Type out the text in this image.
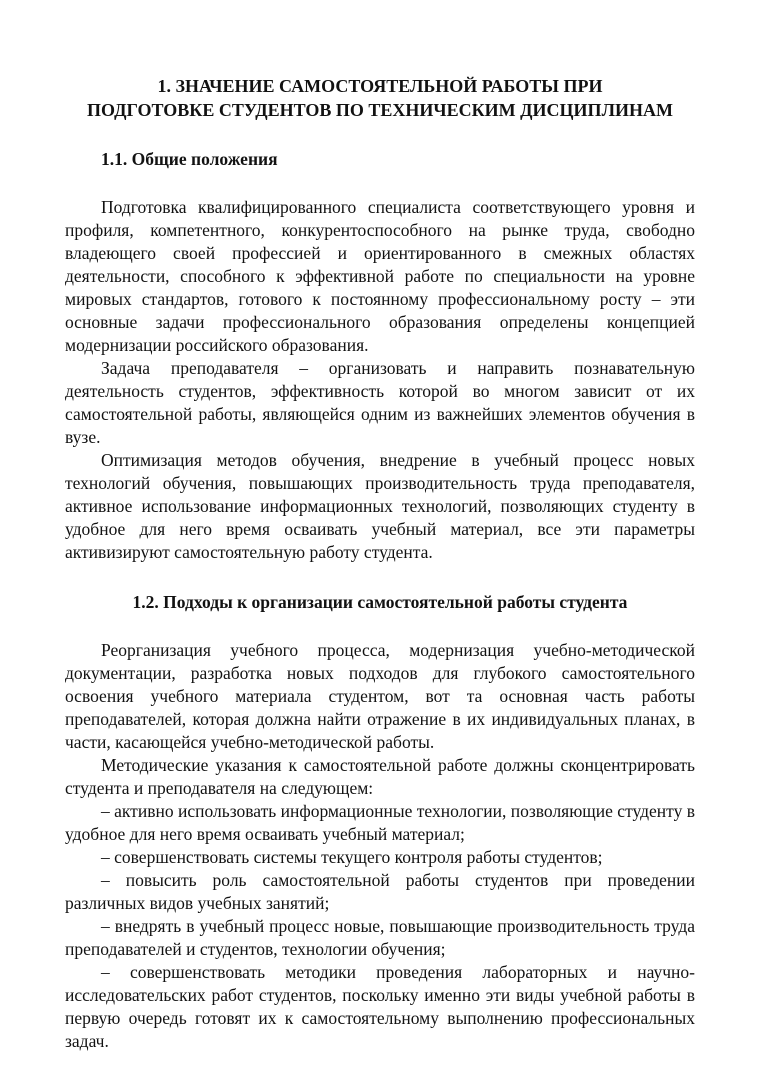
1. ЗНАЧЕНИЕ САМОСТОЯТЕЛЬНОЙ РАБОТЫ ПРИ
ПОДГОТОВКЕ СТУДЕНТОВ ПО ТЕХНИЧЕСКИМ ДИСЦИПЛИНАМ
1.1. Общие положения

Подготовка квалифицированного специалиста соответствующего уровня и профиля, компетентного, конкурентоспособного на рынке труда, свободно владеющего своей профессией и ориентированного в смежных областях деятельности, способного к эффективной работе по специальности на уровне мировых стандартов, готового к постоянному профессиональному росту – эти основные задачи профессионального образования определены концепцией модернизации российского образования.

Задача преподавателя – организовать и направить познавательную деятельность студентов, эффективность которой во многом зависит от их самостоятельной работы, являющейся одним из важнейших элементов обучения в вузе.

Оптимизация методов обучения, внедрение в учебный процесс новых технологий обучения, повышающих производительность труда преподавателя, активное использование информационных технологий, позволяющих студенту в удобное для него время осваивать учебный материал, все эти параметры активизируют самостоятельную работу студента.

1.2. Подходы к организации самостоятельной работы студента

Реорганизация учебного процесса, модернизация учебно-методической документации, разработка новых подходов для глубокого самостоятельного освоения учебного материала студентом, вот та основная часть работы преподавателей, которая должна найти отражение в их индивидуальных планах, в части, касающейся учебно-методической работы.

Методические указания к самостоятельной работе должны сконцентрировать студента и преподавателя на следующем:

– активно использовать информационные технологии, позволяющие студенту в удобное для него время осваивать учебный материал;

– совершенствовать системы текущего контроля работы студентов;

– повысить роль самостоятельной работы студентов при проведении различных видов учебных занятий;

– внедрять в учебный процесс новые, повышающие производительность труда преподавателей и студентов, технологии обучения;

– совершенствовать методики проведения лабораторных и научно-исследовательских работ студентов, поскольку именно эти виды учебной работы в первую очередь готовят их к самостоятельному выполнению профессиональных задач.
